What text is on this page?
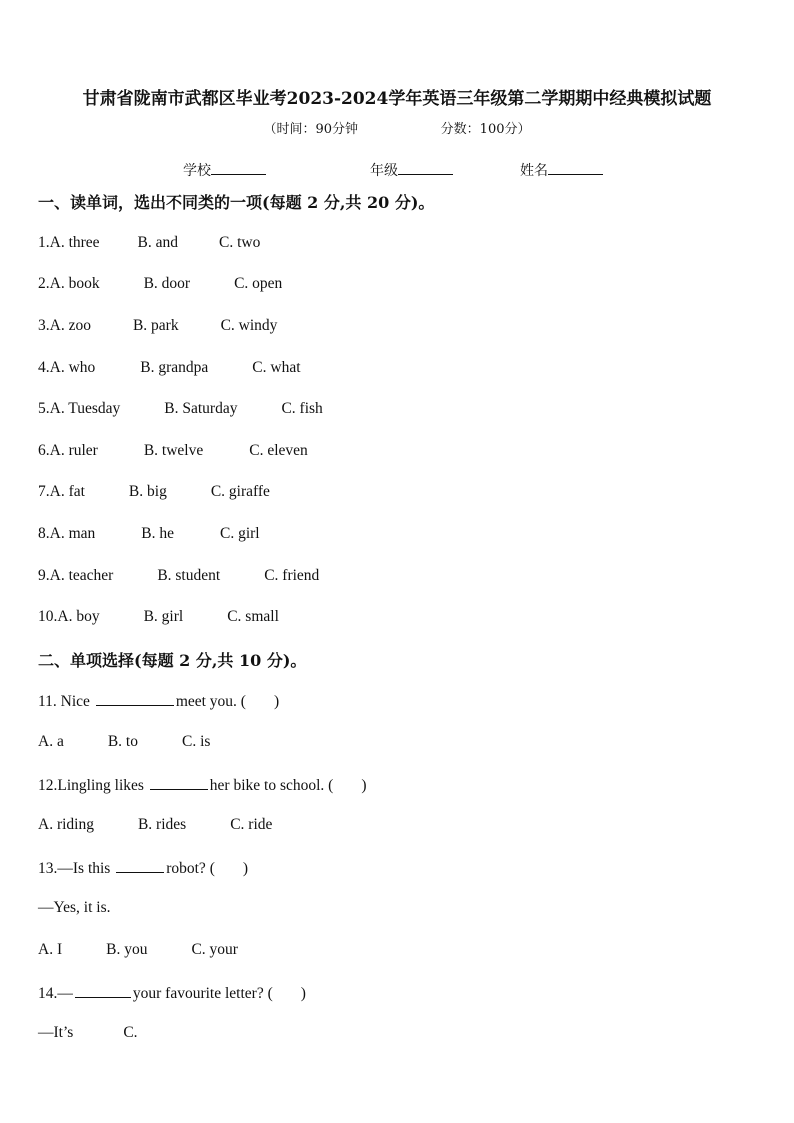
甘肃省陇南市武都区毕业考2023-2024学年英语三年级第二学期期中经典模拟试题
（时间：90分钟                    分数：100分）
学校	年级	姓名
一、读单词，选出不同类的一项(每题 2 分,共 20 分)。
1.A. three B. and	C. two
2.A. book	B. door	C. open
3.A. zoo	B. park	C. windy
4.A. who	B. grandpa	C. what
5.A. Tuesday	B. Saturday	C. fish
6.A. ruler	B. twelve	C. eleven
7.A. fat	B. big	C. giraffe
8.A. man	B. he	C. girl
9.A. teacher	B. student	C. friend
10.A. boy	B. girl	C. small
二、单项选择(每题 2 分,共 10 分)。
11. Nice	meet you. ( )
A. a	B. to	C. is
12.Lingling likes	her bike to school. ( )
A. riding	B. rides	C. ride
13.—Is this	robot? ( )
—Yes, it is.
A. I	B. you	C. your
14.—	your favourite letter? ( )
—It’s	C.
